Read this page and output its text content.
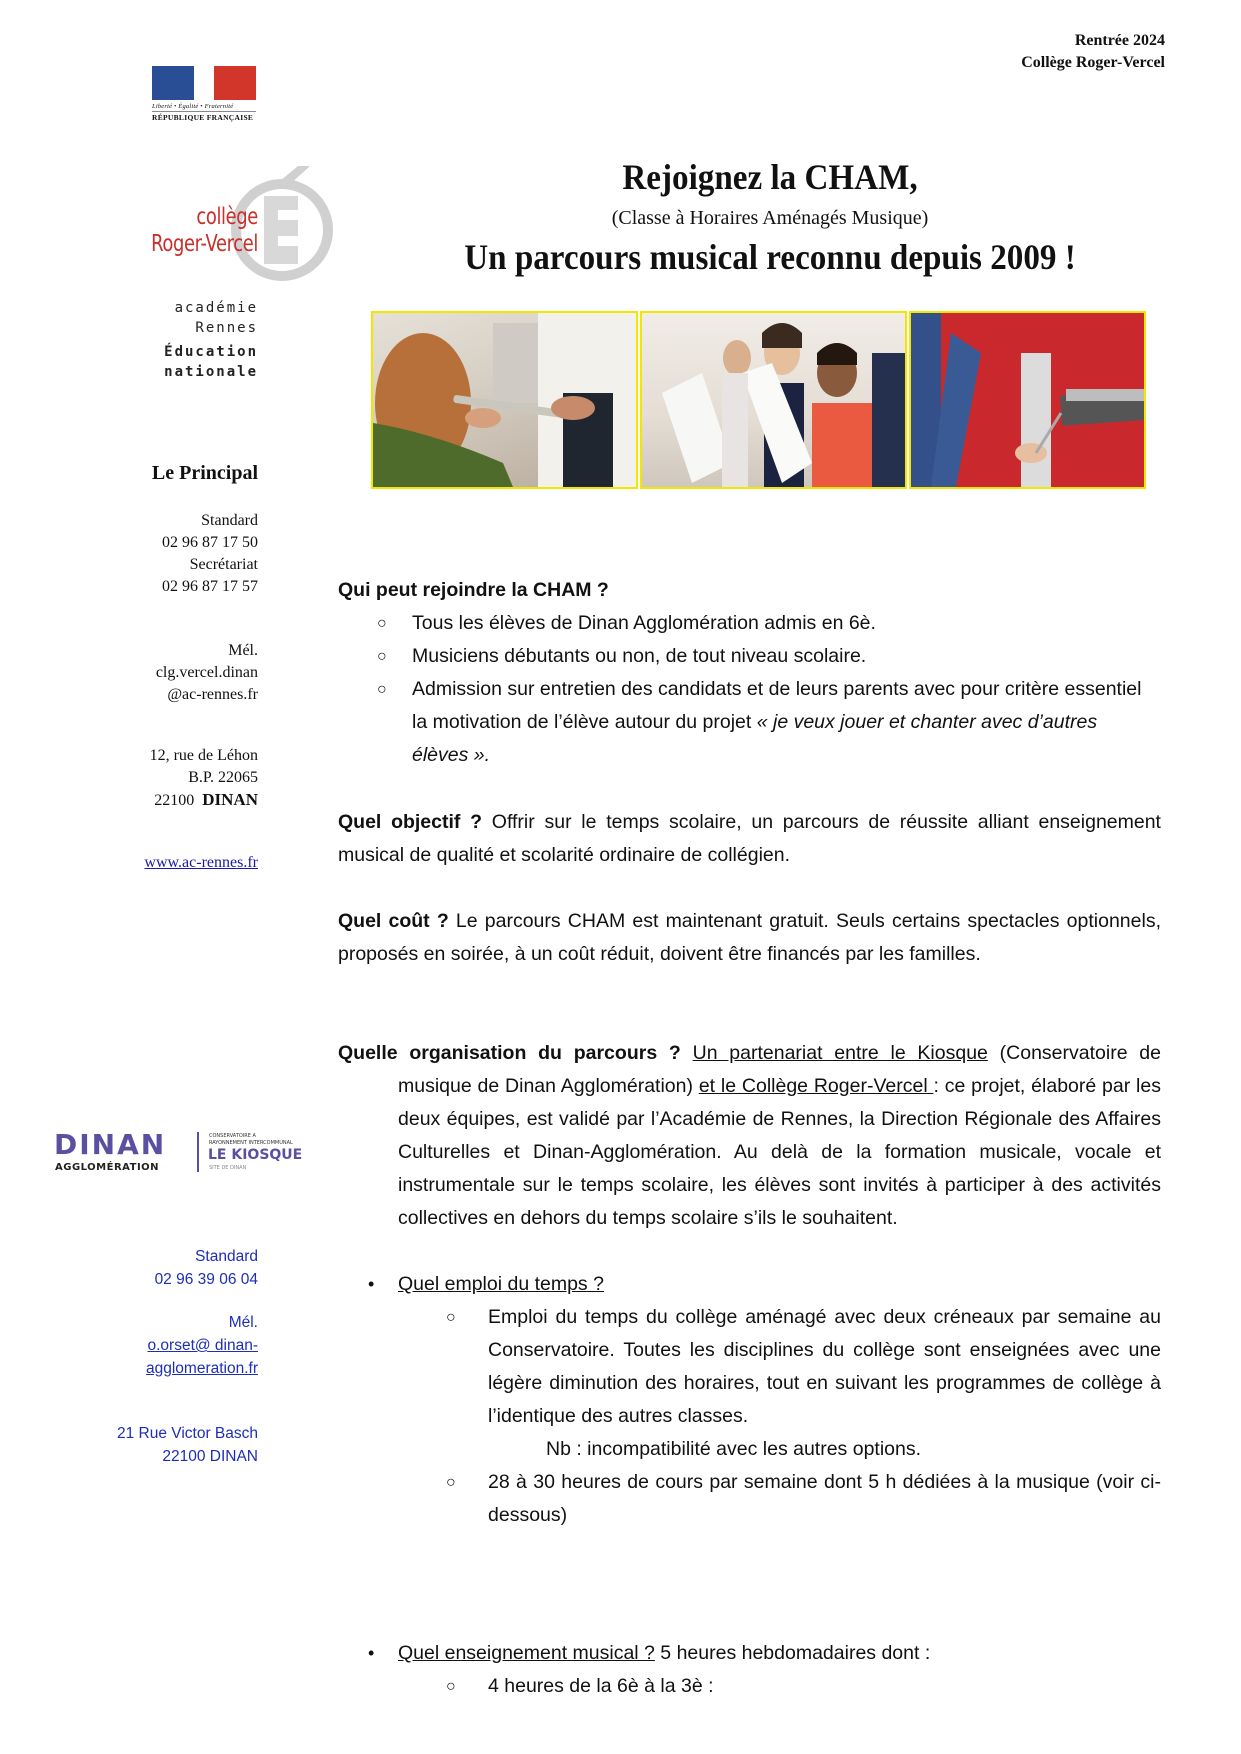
Rentrée 2024
Collège Roger-Vercel
Liberté • Égalité • Fraternité
RÉPUBLIQUE FRANÇAISE
collège
Roger-Vercel
académie
Rennes
Éducation
nationale
Le Principal
Standard
02 96 87 17 50
Secrétariat
02 96 87 17 57
Mél.
clg.vercel.dinan
@ac-rennes.fr
12, rue de Léhon
B.P. 22065
22100 DINAN
www.ac-rennes.fr
DINAN
AGGLOMÉRATION
CONSERVATOIRE A
RAYONNEMENT INTERCOMMUNAL
LE KIOSQUE
SITE DE DINAN
Standard
02 96 39 06 04
Mél.
o.orset@ dinan-
agglomeration.fr
21 Rue Victor Basch
22100 DINAN
Rejoignez la CHAM,
(Classe à Horaires Aménagés Musique)
Un parcours musical reconnu depuis 2009 !
Qui peut rejoindre la CHAM ?
○ Tous les élèves de Dinan Agglomération admis en 6è.
○ Musiciens débutants ou non, de tout niveau scolaire.
○ Admission sur entretien des candidats et de leurs parents avec pour critère essentiel la motivation de l’élève autour du projet « je veux jouer et chanter avec d’autres élèves ».
Quel objectif ? Offrir sur le temps scolaire, un parcours de réussite alliant enseignement musical de qualité et scolarité ordinaire de collégien.
Quel coût ? Le parcours CHAM est maintenant gratuit. Seuls certains spectacles optionnels, proposés en soirée, à un coût réduit, doivent être financés par les familles.
Quelle organisation du parcours ? Un partenariat entre le Kiosque (Conservatoire de musique de Dinan Agglomération) et le Collège Roger-Vercel : ce projet, élaboré par les deux équipes, est validé par l’Académie de Rennes, la Direction Régionale des Affaires Culturelles et Dinan-Agglomération. Au delà de la formation musicale, vocale et instrumentale sur le temps scolaire, les élèves sont invités à participer à des activités collectives en dehors du temps scolaire s’ils le souhaitent.
• Quel emploi du temps ?
○ Emploi du temps du collège aménagé avec deux créneaux par semaine au Conservatoire. Toutes les disciplines du collège sont enseignées avec une légère diminution des horaires, tout en suivant les programmes de collège à l’identique des autres classes.
Nb : incompatibilité avec les autres options.
○ 28 à 30 heures de cours par semaine dont 5 h dédiées à la musique (voir ci-dessous)
• Quel enseignement musical ? 5 heures hebdomadaires dont :
○ 4 heures de la 6è à la 3è :
